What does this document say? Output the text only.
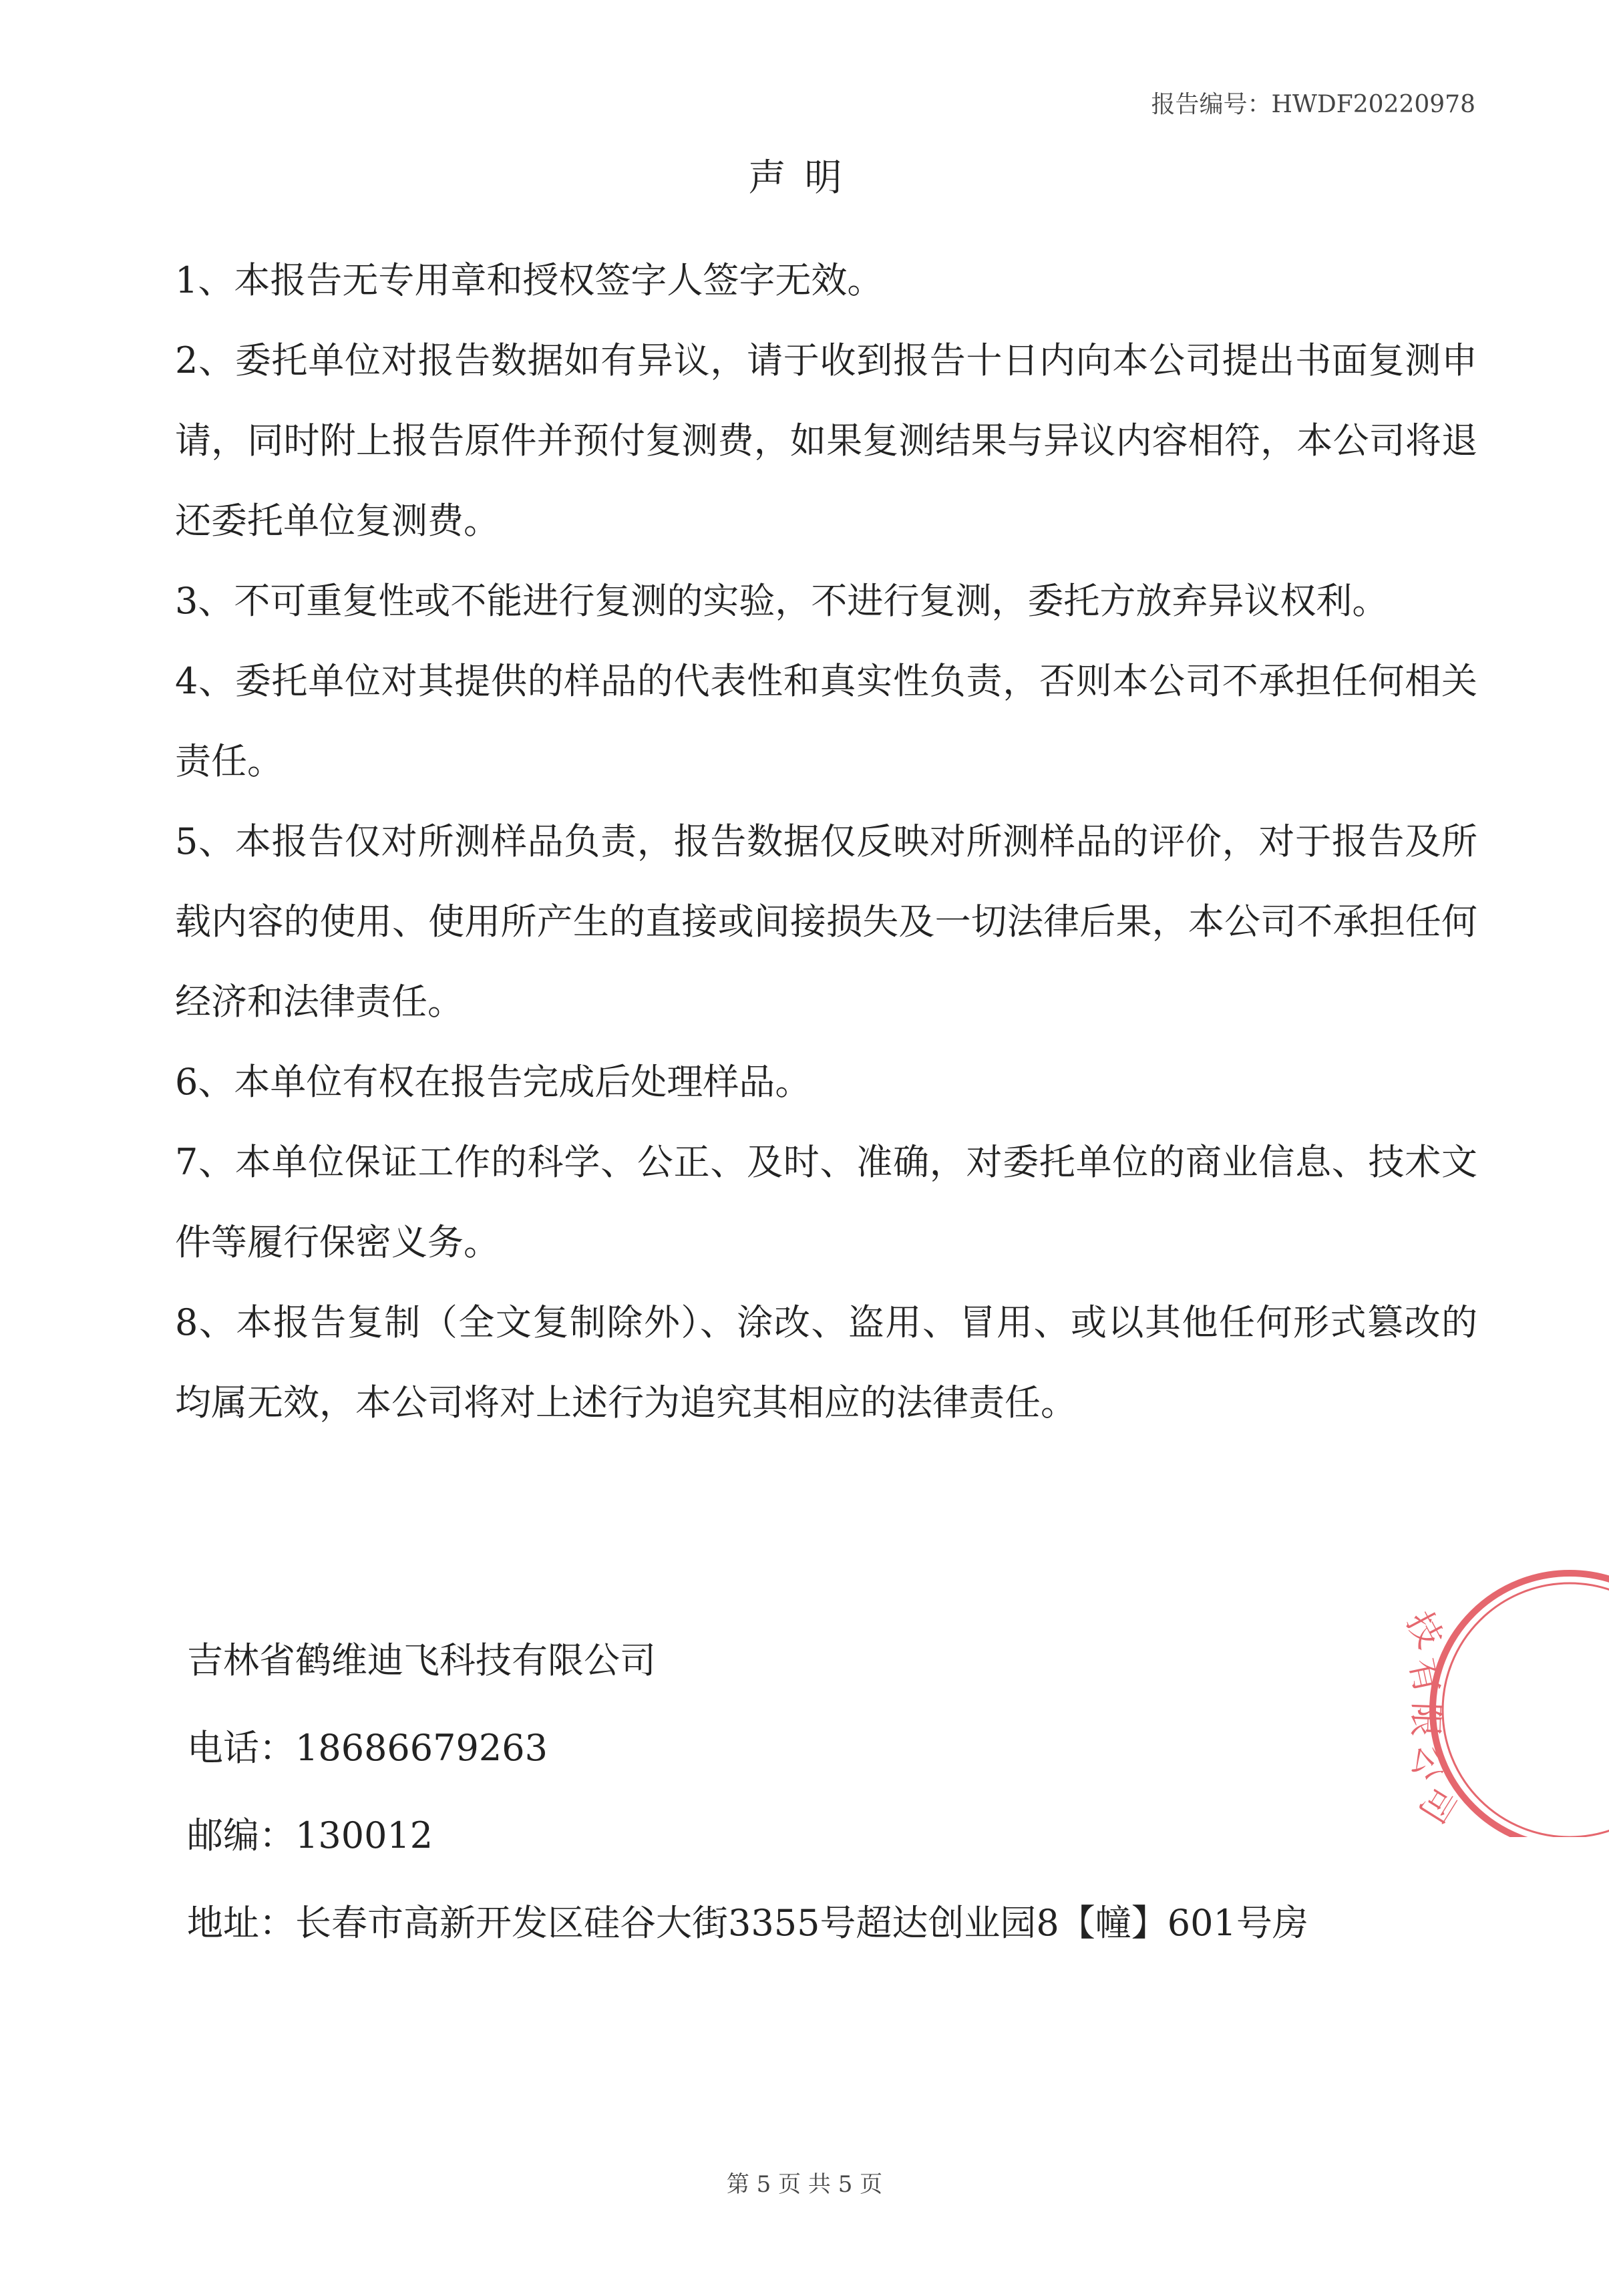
报告编号：HWDF20220978
声明
1、本报告无专用章和授权签字人签字无效。
2、委托单位对报告数据如有异议，请于收到报告十日内向本公司提出书面复测申请，同时附上报告原件并预付复测费，如果复测结果与异议内容相符，本公司将退还委托单位复测费。
3、不可重复性或不能进行复测的实验，不进行复测，委托方放弃异议权利。
4、委托单位对其提供的样品的代表性和真实性负责，否则本公司不承担任何相关责任。
5、本报告仅对所测样品负责，报告数据仅反映对所测样品的评价，对于报告及所载内容的使用、使用所产生的直接或间接损失及一切法律后果，本公司不承担任何经济和法律责任。
6、本单位有权在报告完成后处理样品。
7、本单位保证工作的科学、公正、及时、准确，对委托单位的商业信息、技术文件等履行保密义务。
8、本报告复制（全文复制除外）、涂改、盗用、冒用、或以其他任何形式篡改的均属无效，本公司将对上述行为追究其相应的法律责任。
吉林省鹤维迪飞科技有限公司
电话：18686679263
邮编：130012
地址：长春市高新开发区硅谷大街3355号超达创业园8【幢】601号房
技
有
限
公
司
第 5 页 共 5 页
